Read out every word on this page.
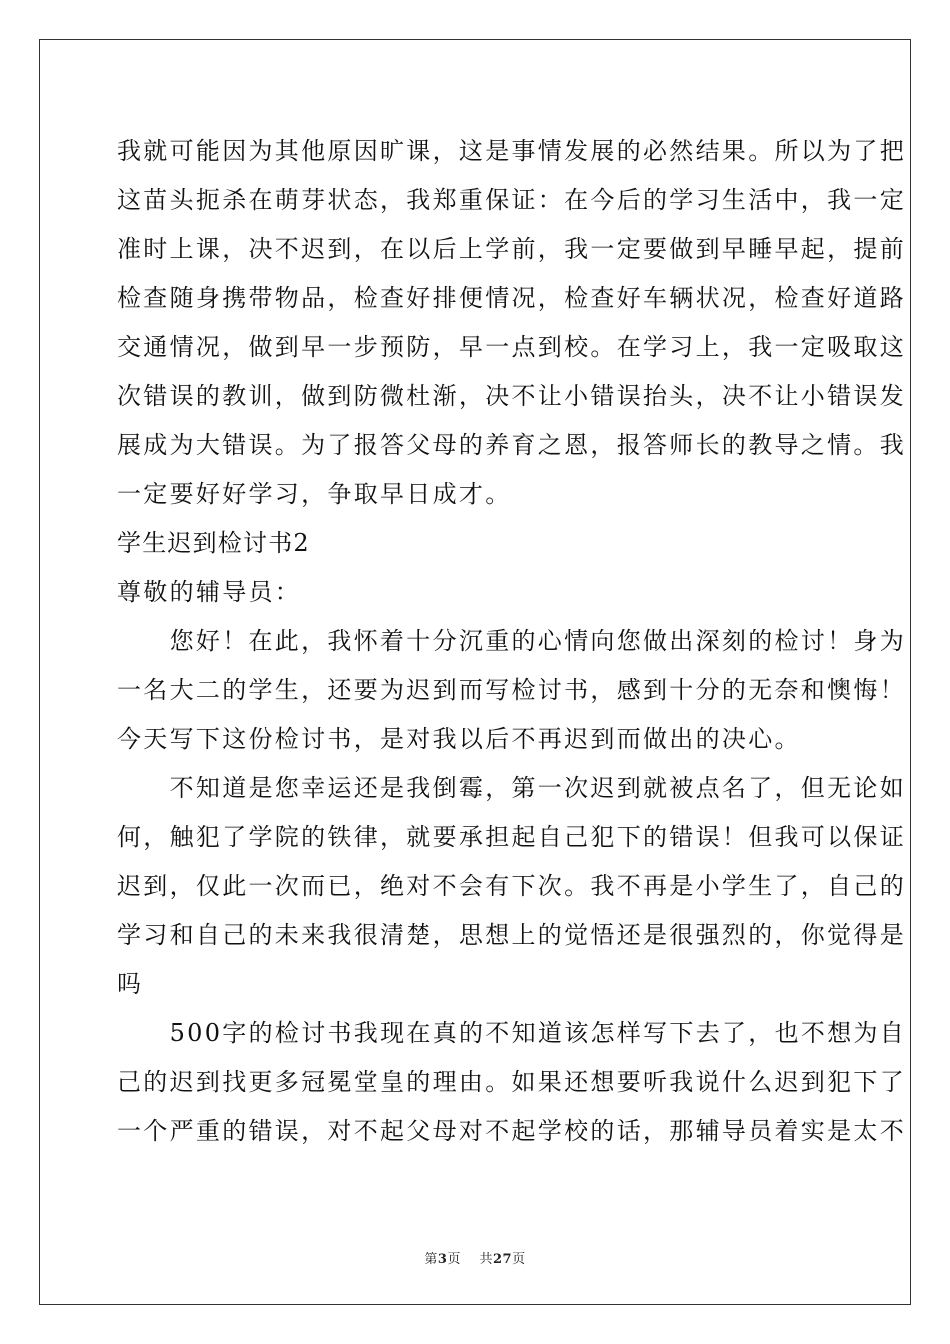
我就可能因为其他原因旷课，这是事情发展的必然结果。所以为了把
这苗头扼杀在萌芽状态，我郑重保证：在今后的学习生活中，我一定
准时上课，决不迟到，在以后上学前，我一定要做到早睡早起，提前
检查随身携带物品，检查好排便情况，检查好车辆状况，检查好道路
交通情况，做到早一步预防，早一点到校。在学习上，我一定吸取这
次错误的教训，做到防微杜渐，决不让小错误抬头，决不让小错误发
展成为大错误。为了报答父母的养育之恩，报答师长的教导之情。我
一定要好好学习，争取早日成才。
学生迟到检讨书2
尊敬的辅导员：
　　您好！在此，我怀着十分沉重的心情向您做出深刻的检讨！身为
一名大二的学生，还要为迟到而写检讨书，感到十分的无奈和懊悔！
今天写下这份检讨书，是对我以后不再迟到而做出的决心。
　　不知道是您幸运还是我倒霉，第一次迟到就被点名了，但无论如
何，触犯了学院的铁律，就要承担起自己犯下的错误！但我可以保证
迟到，仅此一次而已，绝对不会有下次。我不再是小学生了，自己的
学习和自己的未来我很清楚，思想上的觉悟还是很强烈的，你觉得是
吗
　　500字的检讨书我现在真的不知道该怎样写下去了，也不想为自
己的迟到找更多冠冕堂皇的理由。如果还想要听我说什么迟到犯下了
一个严重的错误，对不起父母对不起学校的话，那辅导员着实是太不
第3页 共27页
